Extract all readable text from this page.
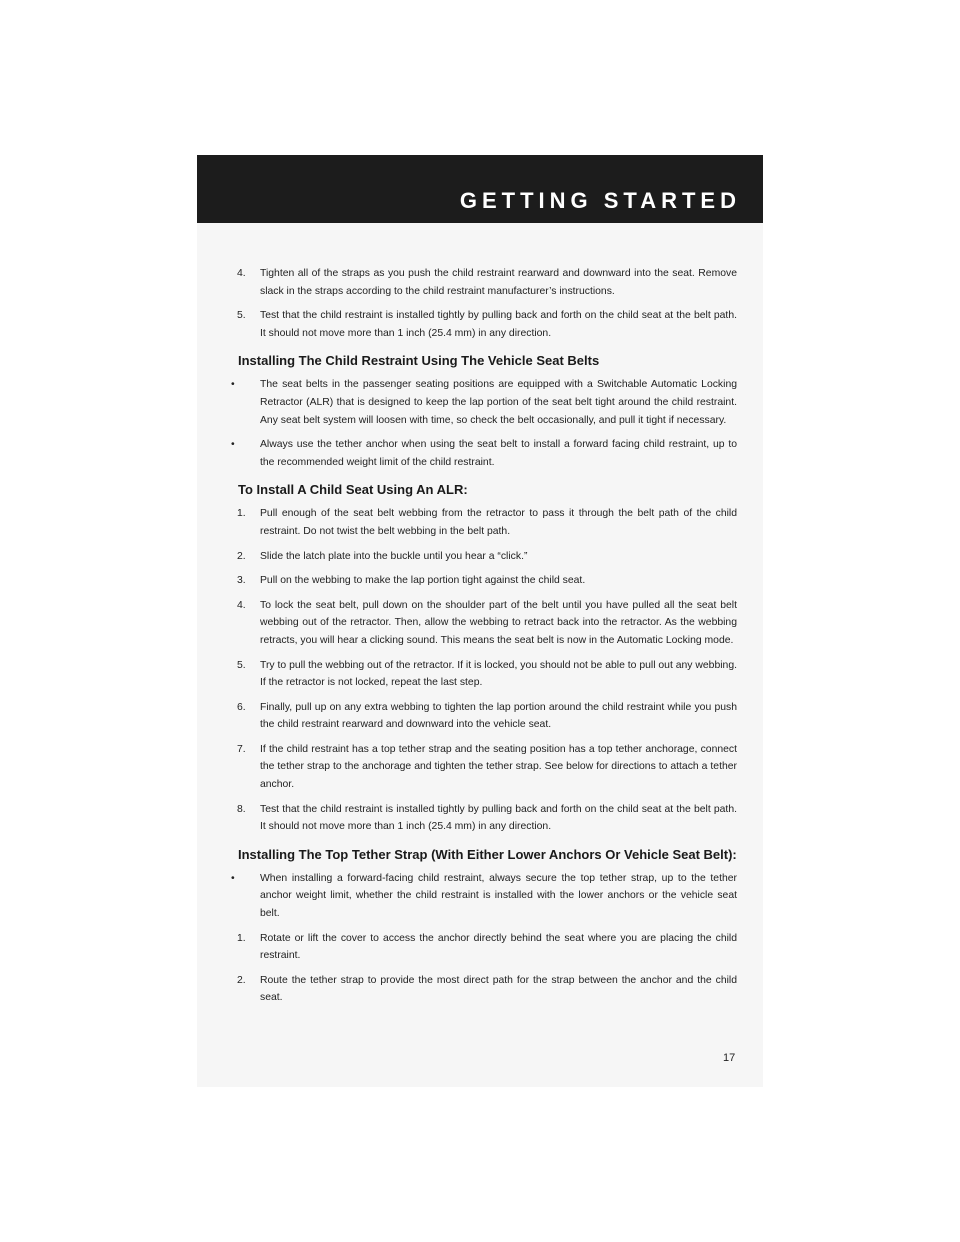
GETTING STARTED
4. Tighten all of the straps as you push the child restraint rearward and downward into the seat. Remove slack in the straps according to the child restraint manufacturer’s instructions.
5. Test that the child restraint is installed tightly by pulling back and forth on the child seat at the belt path. It should not move more than 1 inch (25.4 mm) in any direction.
Installing The Child Restraint Using The Vehicle Seat Belts
• The seat belts in the passenger seating positions are equipped with a Switchable Automatic Locking Retractor (ALR) that is designed to keep the lap portion of the seat belt tight around the child restraint. Any seat belt system will loosen with time, so check the belt occasionally, and pull it tight if necessary.
• Always use the tether anchor when using the seat belt to install a forward facing child restraint, up to the recommended weight limit of the child restraint.
To Install A Child Seat Using An ALR:
1. Pull enough of the seat belt webbing from the retractor to pass it through the belt path of the child restraint. Do not twist the belt webbing in the belt path.
2. Slide the latch plate into the buckle until you hear a “click.”
3. Pull on the webbing to make the lap portion tight against the child seat.
4. To lock the seat belt, pull down on the shoulder part of the belt until you have pulled all the seat belt webbing out of the retractor. Then, allow the webbing to retract back into the retractor. As the webbing retracts, you will hear a clicking sound. This means the seat belt is now in the Automatic Locking mode.
5. Try to pull the webbing out of the retractor. If it is locked, you should not be able to pull out any webbing. If the retractor is not locked, repeat the last step.
6. Finally, pull up on any extra webbing to tighten the lap portion around the child restraint while you push the child restraint rearward and downward into the vehicle seat.
7. If the child restraint has a top tether strap and the seating position has a top tether anchorage, connect the tether strap to the anchorage and tighten the tether strap. See below for directions to attach a tether anchor.
8. Test that the child restraint is installed tightly by pulling back and forth on the child seat at the belt path. It should not move more than 1 inch (25.4 mm) in any direction.
Installing The Top Tether Strap (With Either Lower Anchors Or Vehicle Seat Belt):
• When installing a forward-facing child restraint, always secure the top tether strap, up to the tether anchor weight limit, whether the child restraint is installed with the lower anchors or the vehicle seat belt.
1. Rotate or lift the cover to access the anchor directly behind the seat where you are placing the child restraint.
2. Route the tether strap to provide the most direct path for the strap between the anchor and the child seat.
17
